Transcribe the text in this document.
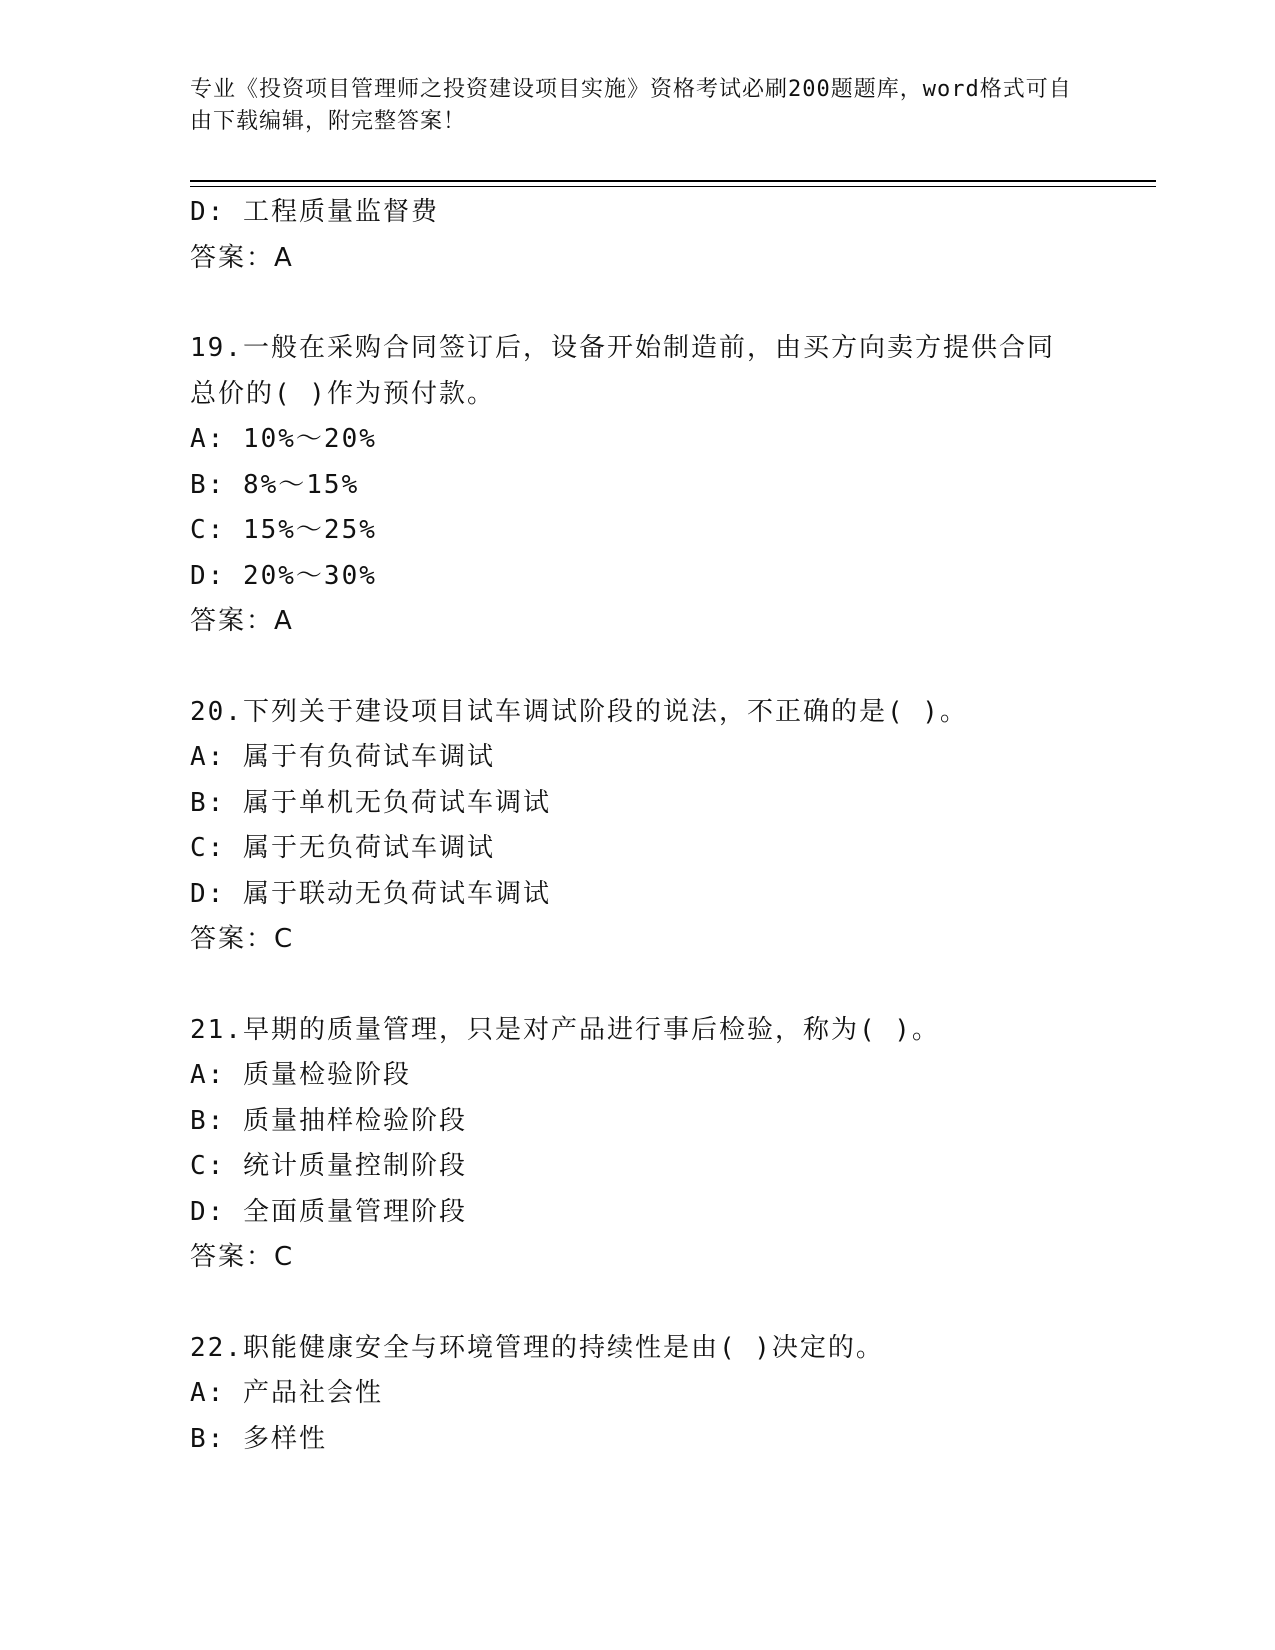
专业《投资项目管理师之投资建设项目实施》资格考试必刷200题题库，word格式可自由下载编辑，附完整答案！
D: 工程质量监督费
答案：A
19.一般在采购合同签订后，设备开始制造前，由买方向卖方提供合同总价的( )作为预付款。
A: 10%～20%
B: 8%～15%
C: 15%～25%
D: 20%～30%
答案：A
20.下列关于建设项目试车调试阶段的说法，不正确的是( )。
A: 属于有负荷试车调试
B: 属于单机无负荷试车调试
C: 属于无负荷试车调试
D: 属于联动无负荷试车调试
答案：C
21.早期的质量管理，只是对产品进行事后检验，称为( )。
A: 质量检验阶段
B: 质量抽样检验阶段
C: 统计质量控制阶段
D: 全面质量管理阶段
答案：C
22.职能健康安全与环境管理的持续性是由( )决定的。
A: 产品社会性
B: 多样性
